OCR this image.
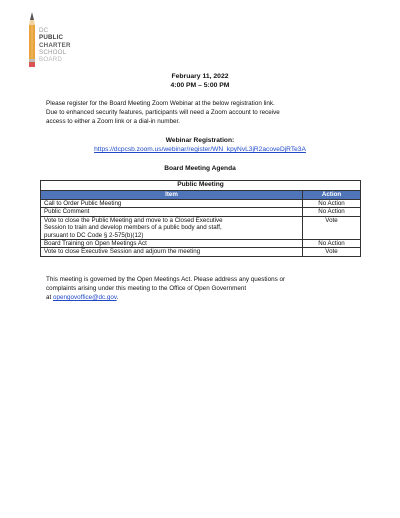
DC
PUBLIC
CHARTER
SCHOOL
BOARD
February 11, 2022
4:00 PM – 5:00 PM
Please register for the Board Meeting Zoom Webinar at the below registration link.
Due to enhanced security features, participants will need a Zoom account to receive
access to either a Zoom link or a dial-in number.
Webinar Registration:
https://dcpcsb.zoom.us/webinar/register/WN_kpyNvL3jR2acoveDjRTe3A
Board Meeting Agenda
Public Meeting	
Item	Action
Call to Order Public Meeting	No Action
Public Comment	No Action
Vote to close the Public Meeting and move to a Closed Executive
Session to train and develop members of a public body and staff,
pursuant to DC Code § 2-575(b)(12)	Vote
Board Training on Open Meetings Act	No Action
Vote to close Executive Session and adjourn the meeting	Vote
This meeting is governed by the Open Meetings Act. Please address any questions or
complaints arising under this meeting to the Office of Open Government
at opengovoffice@dc.gov.
